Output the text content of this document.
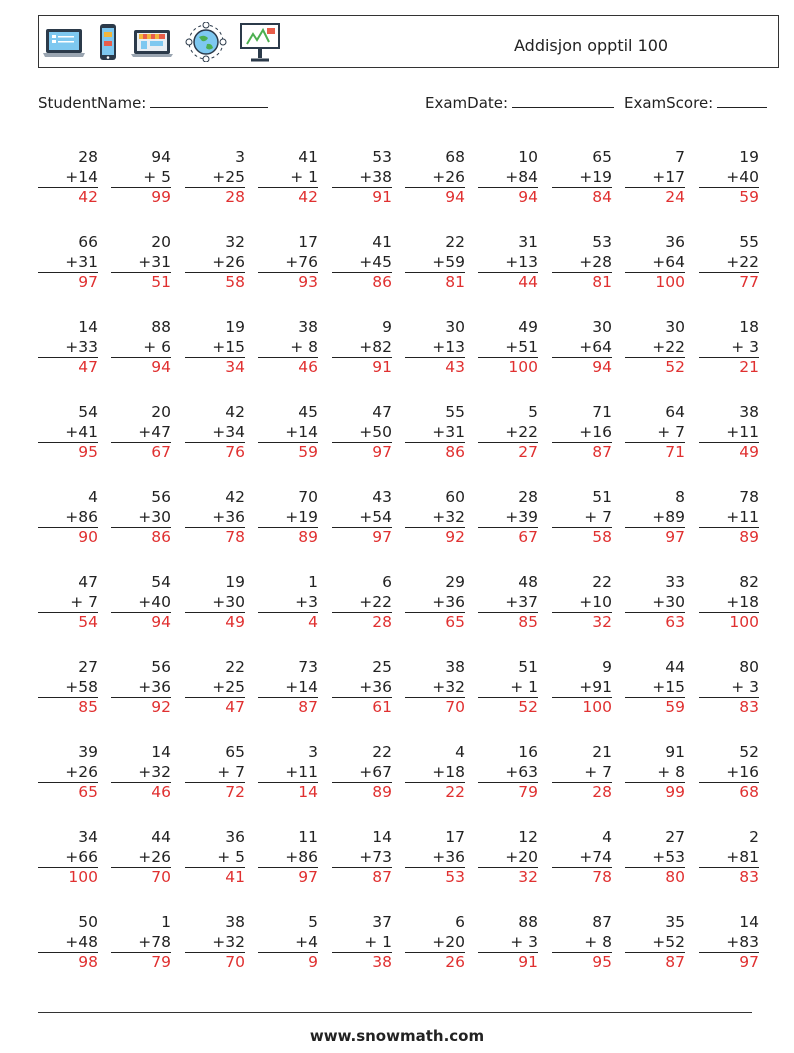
Addisjon opptil 100
StudentName:	ExamDate:	ExamScore:
28
+14
42
94
+ 5
99
3
+25
28
41
+ 1
42
53
+38
91
68
+26
94
10
+84
94
65
+19
84
7
+17
24
19
+40
59
66
+31
97
20
+31
51
32
+26
58
17
+76
93
41
+45
86
22
+59
81
31
+13
44
53
+28
81
36
+64
100
55
+22
77
14
+33
47
88
+ 6
94
19
+15
34
38
+ 8
46
9
+82
91
30
+13
43
49
+51
100
30
+64
94
30
+22
52
18
+ 3
21
54
+41
95
20
+47
67
42
+34
76
45
+14
59
47
+50
97
55
+31
86
5
+22
27
71
+16
87
64
+ 7
71
38
+11
49
4
+86
90
56
+30
86
42
+36
78
70
+19
89
43
+54
97
60
+32
92
28
+39
67
51
+ 7
58
8
+89
97
78
+11
89
47
+ 7
54
54
+40
94
19
+30
49
1
+3
4
6
+22
28
29
+36
65
48
+37
85
22
+10
32
33
+30
63
82
+18
100
27
+58
85
56
+36
92
22
+25
47
73
+14
87
25
+36
61
38
+32
70
51
+ 1
52
9
+91
100
44
+15
59
80
+ 3
83
39
+26
65
14
+32
46
65
+ 7
72
3
+11
14
22
+67
89
4
+18
22
16
+63
79
21
+ 7
28
91
+ 8
99
52
+16
68
34
+66
100
44
+26
70
36
+ 5
41
11
+86
97
14
+73
87
17
+36
53
12
+20
32
4
+74
78
27
+53
80
2
+81
83
50
+48
98
1
+78
79
38
+32
70
5
+4
9
37
+ 1
38
6
+20
26
88
+ 3
91
87
+ 8
95
35
+52
87
14
+83
97
www.snowmath.com
